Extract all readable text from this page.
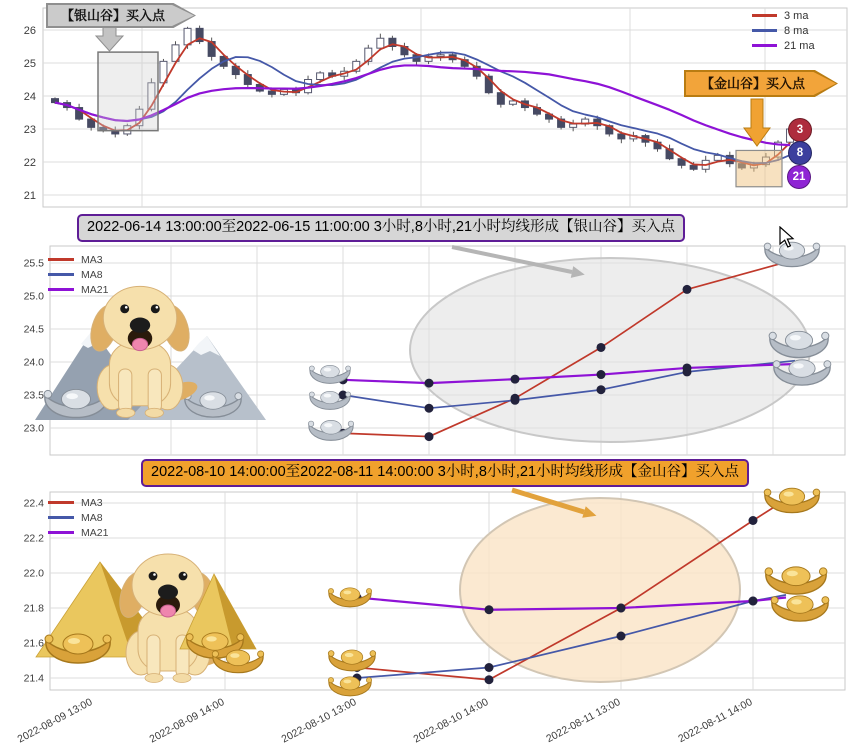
26
25
24
23
22
21
25.5
25.0
24.5
24.0
23.5
23.0
22.4
22.2
22.0
21.8
21.6
21.4
2022-08-09 13:00	2022-08-09 14:00	2022-08-10 13:00	2022-08-10 14:00	2022-08-11 13:00	2022-08-11 14:00
3 ma
8 ma
21 ma
【银山谷】买入点
【金山谷】买入点
3
8
21
2022-06-14 13:00:00至2022-06-15 11:00:00 3小时,8小时,21小时均线形成【银山谷】买入点
2022-08-10 14:00:00至2022-08-11 14:00:00 3小时,8小时,21小时均线形成【金山谷】买入点
MA3
MA8
MA21
MA3
MA8
MA21
